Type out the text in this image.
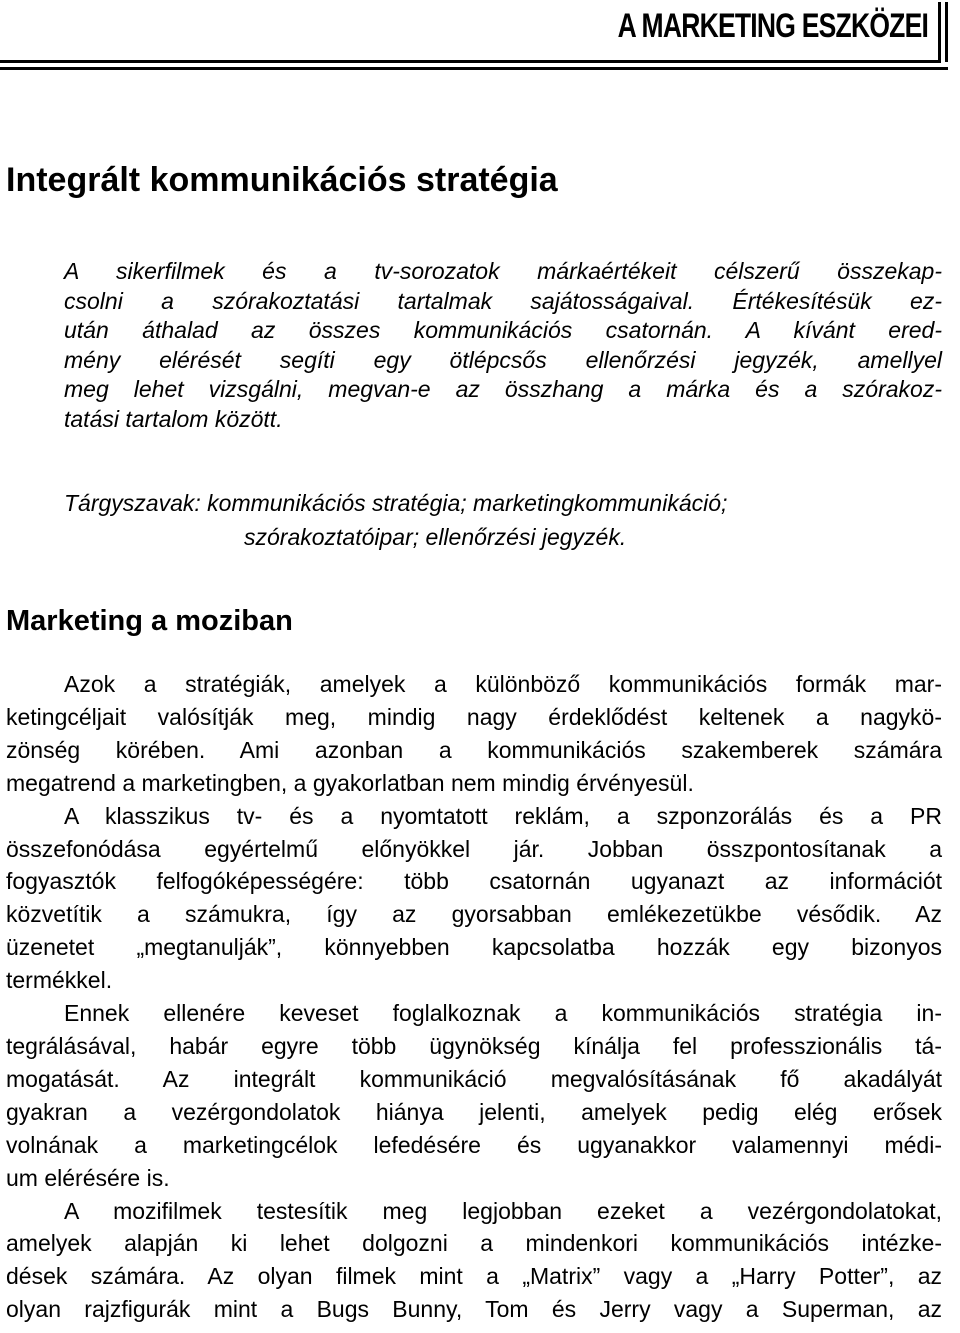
A MARKETING ESZKÖZEI
Integrált kommunikációs stratégia
A sikerfilmek és a tv-sorozatok márkaértékeit célszerű összekap-
csolni a szórakoztatási tartalmak sajátosságaival. Értékesítésük ez-
után áthalad az összes kommunikációs csatornán. A kívánt ered-
mény elérését segíti egy ötlépcsős ellenőrzési jegyzék, amellyel
meg lehet vizsgálni, megvan-e az összhang a márka és a szórakoz-
tatási tartalom között.
Tárgyszavak: kommunikációs stratégia; marketingkommunikáció;
szórakoztatóipar; ellenőrzési jegyzék.
Marketing a moziban
Azok a stratégiák, amelyek a különböző kommunikációs formák mar-
ketingcéljait valósítják meg, mindig nagy érdeklődést keltenek a nagykö-
zönség körében. Ami azonban a kommunikációs szakemberek számára
megatrend a marketingben, a gyakorlatban nem mindig érvényesül.
A klasszikus tv- és a nyomtatott reklám, a szponzorálás és a PR
összefonódása egyértelmű előnyökkel jár. Jobban összpontosítanak a
fogyasztók felfogóképességére: több csatornán ugyanazt az információt
közvetítik a számukra, így az gyorsabban emlékezetükbe vésődik. Az
üzenetet „megtanulják”, könnyebben kapcsolatba hozzák egy bizonyos
termékkel.
Ennek ellenére keveset foglalkoznak a kommunikációs stratégia in-
tegrálásával, habár egyre több ügynökség kínálja fel professzionális tá-
mogatását. Az integrált kommunikáció megvalósításának fő akadályát
gyakran a vezérgondolatok hiánya jelenti, amelyek pedig elég erősek
volnának a marketingcélok lefedésére és ugyanakkor valamennyi médi-
um elérésére is.
A mozifilmek testesítik meg legjobban ezeket a vezérgondolatokat,
amelyek alapján ki lehet dolgozni a mindenkori kommunikációs intézke-
dések számára. Az olyan filmek mint a „Matrix” vagy a „Harry Potter”, az
olyan rajzfigurák mint a Bugs Bunny, Tom és Jerry vagy a Superman, az
